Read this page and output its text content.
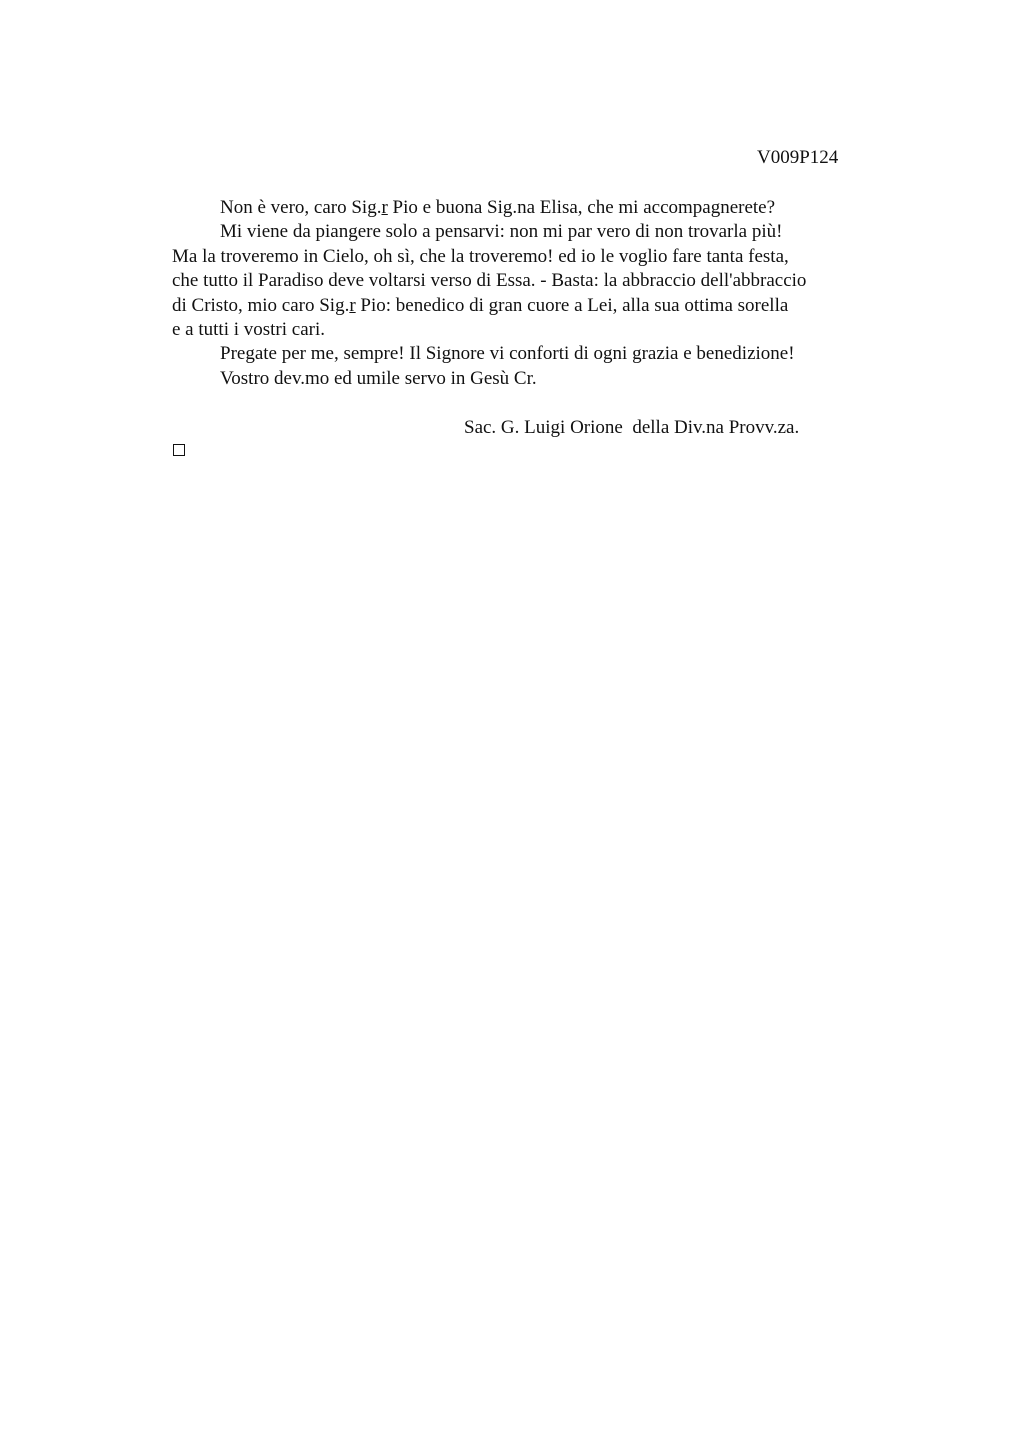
V009P124
Non è vero, caro Sig.r Pio e buona Sig.na Elisa, che mi accompagnerete?
Mi viene da piangere solo a pensarvi: non mi par vero di non trovarla più!
Ma la troveremo in Cielo, oh sì, che la troveremo! ed io le voglio fare tanta festa,
che tutto il Paradiso deve voltarsi verso di Essa. - Basta: la abbraccio dell'abbraccio
di Cristo, mio caro Sig.r Pio: benedico di gran cuore a Lei, alla sua ottima sorella
e a tutti i vostri cari.
Pregate per me, sempre! Il Signore vi conforti di ogni grazia e benedizione!
Vostro dev.mo ed umile servo in Gesù Cr.
Sac. G. Luigi Orione  della Div.na Provv.za.
